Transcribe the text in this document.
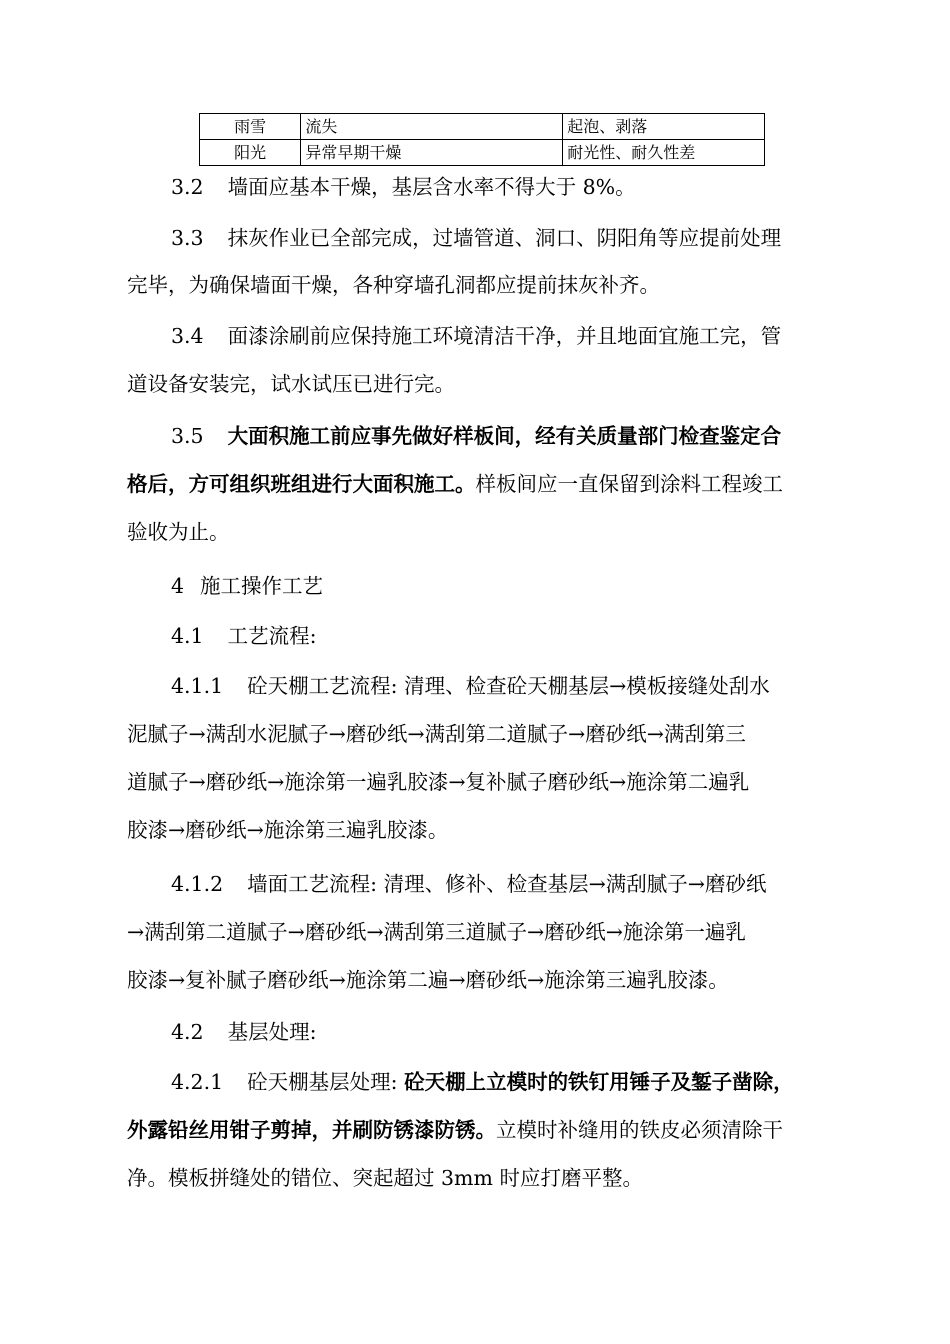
雨雪	流失	起泡、剥落
阳光	异常早期干燥	耐光性、耐久性差
3.2 墙面应基本干燥，基层含水率不得大于 8%。
3.3 抹灰作业已全部完成，过墙管道、洞口、阴阳角等应提前处理
完毕，为确保墙面干燥，各种穿墙孔洞都应提前抹灰补齐。
3.4 面漆涂刷前应保持施工环境清洁干净，并且地面宜施工完，管
道设备安装完，试水试压已进行完。
3.5 大面积施工前应事先做好样板间，经有关质量部门检查鉴定合
格后，方可组织班组进行大面积施工。样板间应一直保留到涂料工程竣工
验收为止。
4 施工操作工艺
4.1 工艺流程:
4.1.1 砼天棚工艺流程: 清理、检查砼天棚基层→模板接缝处刮水
泥腻子→满刮水泥腻子→磨砂纸→满刮第二道腻子→磨砂纸→满刮第三
道腻子→磨砂纸→施涂第一遍乳胶漆→复补腻子磨砂纸→施涂第二遍乳
胶漆→磨砂纸→施涂第三遍乳胶漆。
4.1.2 墙面工艺流程: 清理、修补、检查基层→满刮腻子→磨砂纸
→满刮第二道腻子→磨砂纸→满刮第三道腻子→磨砂纸→施涂第一遍乳
胶漆→复补腻子磨砂纸→施涂第二遍→磨砂纸→施涂第三遍乳胶漆。
4.2 基层处理:
4.2.1 砼天棚基层处理: 砼天棚上立模时的铁钉用锤子及錾子凿除，
外露铅丝用钳子剪掉，并刷防锈漆防锈。立模时补缝用的铁皮必须清除干
净。模板拼缝处的错位、突起超过 3mm 时应打磨平整。
